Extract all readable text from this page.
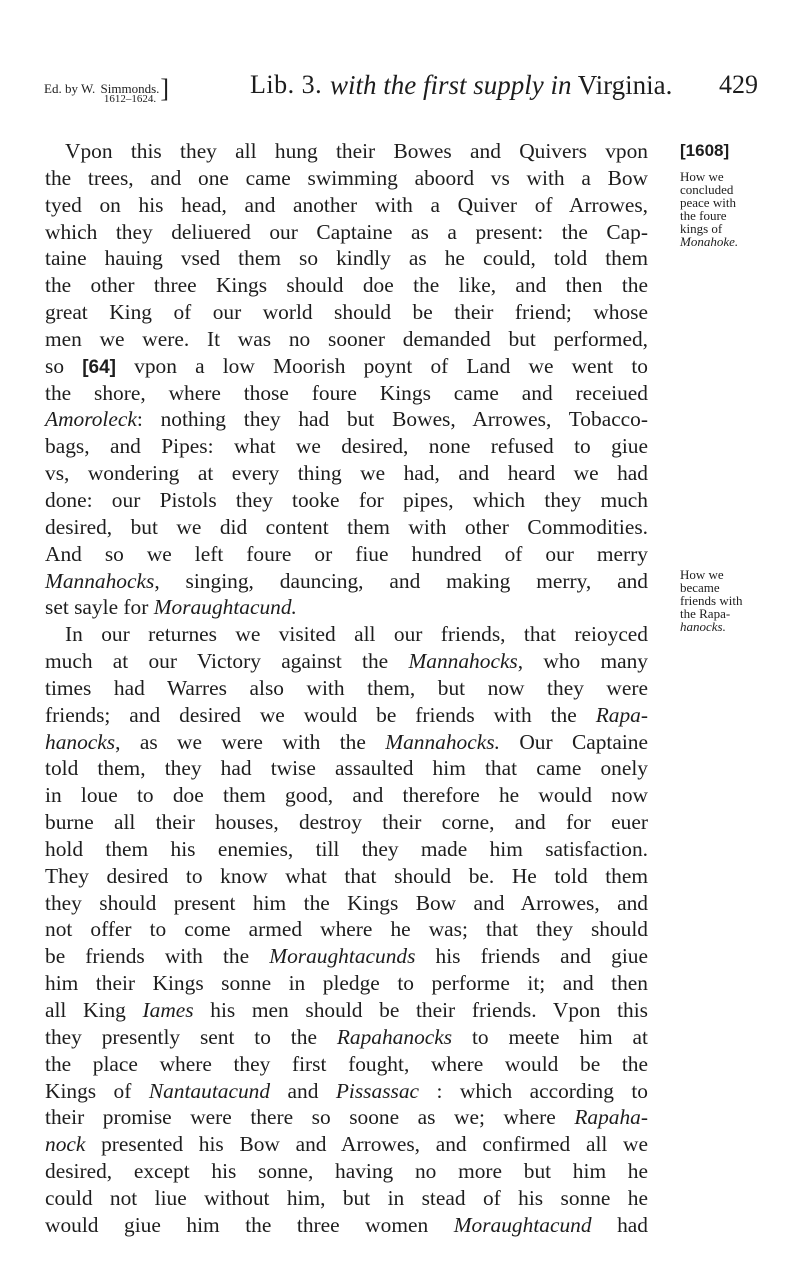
Ed. by W. Simmonds.
1612–1624. ]	Lib. 3. with the first supply in Virginia. 429
[1608]
How we
concluded
peace with
the foure
kings of
Monahoke.
How we
became
friends with
the Rapa-
hanocks.
Vpon this they all hung their Bowes and Quivers vpon
the trees, and one came swimming aboord vs with a Bow
tyed on his head, and another with a Quiver of Arrowes,
which they deliuered our Captaine as a present: the Cap-
taine hauing vsed them so kindly as he could, told them
the other three Kings should doe the like, and then the
great King of our world should be their friend; whose
men we were. It was no sooner demanded but performed,
so [64] vpon a low Moorish poynt of Land we went to
the shore, where those foure Kings came and receiued
Amoroleck: nothing they had but Bowes, Arrowes, Tobacco-
bags, and Pipes: what we desired, none refused to giue
vs, wondering at every thing we had, and heard we had
done: our Pistols they tooke for pipes, which they much
desired, but we did content them with other Commodities.
And so we left foure or fiue hundred of our merry
Mannahocks, singing, dauncing, and making merry, and
set sayle for Moraughtacund.
In our returnes we visited all our friends, that reioyced
much at our Victory against the Mannahocks, who many
times had Warres also with them, but now they were
friends; and desired we would be friends with the Rapa-
hanocks, as we were with the Mannahocks. Our Captaine
told them, they had twise assaulted him that came onely
in loue to doe them good, and therefore he would now
burne all their houses, destroy their corne, and for euer
hold them his enemies, till they made him satisfaction.
They desired to know what that should be. He told them
they should present him the Kings Bow and Arrowes, and
not offer to come armed where he was; that they should
be friends with the Moraughtacunds his friends and giue
him their Kings sonne in pledge to performe it; and then
all King Iames his men should be their friends. Vpon this
they presently sent to the Rapahanocks to meete him at
the place where they first fought, where would be the
Kings of Nantautacund and Pissassac : which according to
their promise were there so soone as we; where Rapaha-
nock presented his Bow and Arrowes, and confirmed all we
desired, except his sonne, having no more but him he
could not liue without him, but in stead of his sonne he
would giue him the three women Moraughtacund had
